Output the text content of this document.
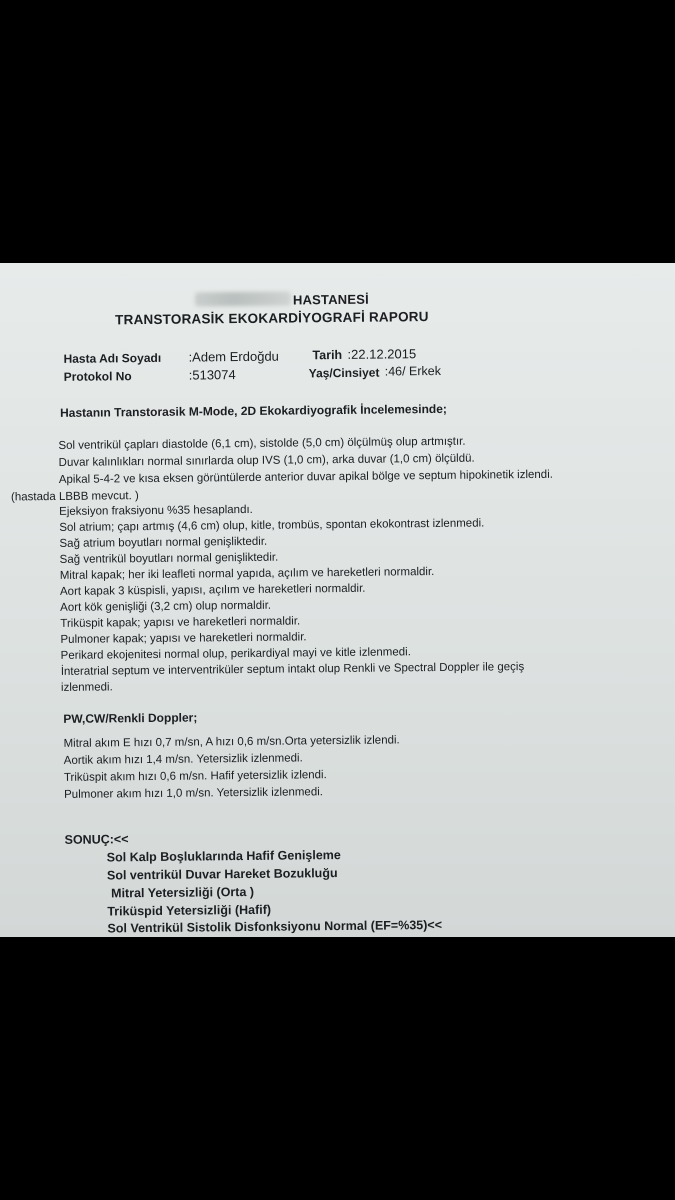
HASTANESİ
TRANSTORASİK EKOKARDİYOGRAFİ RAPORU
Hasta Adı Soyadı :Adem Erdoğdu	Tarih :22.12.2015
Protokol No	:513074	Yaş/Cinsiyet :46/ Erkek
Hastanın Transtorasik M-Mode, 2D Ekokardiyografik İncelemesinde;
Sol ventrikül çapları diastolde (6,1 cm), sistolde (5,0 cm) ölçülmüş olup artmıştır.
Duvar kalınlıkları normal sınırlarda olup IVS (1,0 cm), arka duvar (1,0 cm) ölçüldü.
Apikal 5-4-2 ve kısa eksen görüntülerde anterior duvar apikal bölge ve septum hipokinetik izlendi.
(hastada LBBB mevcut. )
Ejeksiyon fraksiyonu %35 hesaplandı.
Sol atrium; çapı artmış (4,6 cm) olup, kitle, trombüs, spontan ekokontrast izlenmedi.
Sağ atrium boyutları normal genişliktedir.
Sağ ventrikül boyutları normal genişliktedir.
Mitral kapak; her iki leafleti normal yapıda, açılım ve hareketleri normaldir.
Aort kapak 3 küspisli, yapısı, açılım ve hareketleri normaldir.
Aort kök genişliği (3,2 cm) olup normaldir.
Triküspit kapak; yapısı ve hareketleri normaldir.
Pulmoner kapak; yapısı ve hareketleri normaldir.
Perikard ekojenitesi normal olup, perikardiyal mayi ve kitle izlenmedi.
İnteratrial septum ve interventriküler septum intakt olup Renkli ve Spectral Doppler ile geçiş
izlenmedi.
PW,CW/Renkli Doppler;
Mitral akım E hızı 0,7 m/sn, A hızı 0,6 m/sn.Orta yetersizlik izlendi.
Aortik akım hızı 1,4 m/sn. Yetersizlik izlenmedi.
Triküspit akım hızı 0,6 m/sn. Hafif yetersizlik izlendi.
Pulmoner akım hızı 1,0 m/sn. Yetersizlik izlenmedi.
SONUÇ:<<
Sol Kalp Boşluklarında Hafif Genişleme
Sol ventrikül Duvar Hareket Bozukluğu
Mitral Yetersizliği (Orta )
Triküspid Yetersizliği (Hafif)
Sol Ventrikül Sistolik Disfonksiyonu Normal (EF=%35)<<
